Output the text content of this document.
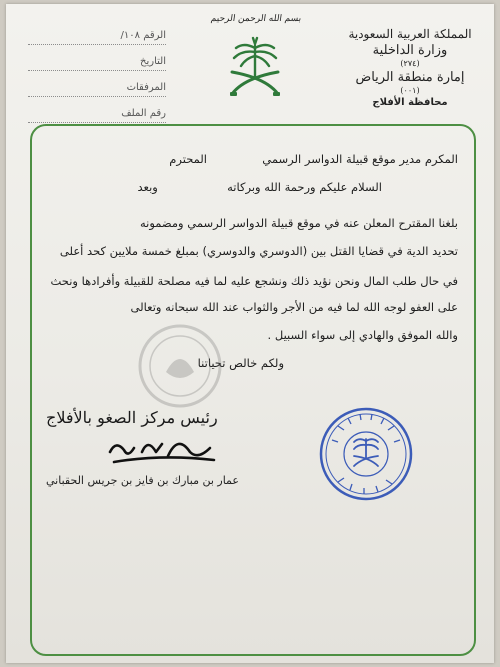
الرقم ١٠٨/
التاريخ
المرفقات
رقم الملف
بسم الله الرحمن الرحيم
المملكة العربية السعودية
وزارة الداخلية
(٢٧٤)
إمارة منطقة الرياض
(٠٠١)
محافظة الأفلاج
المكرم مدير موقع قبيلة الدواسر الرسمي  المحترم
السلام عليكم ورحمة الله وبركاته  وبعد
بلغنا المقترح المعلن عنه في موقع قبيلة الدواسر الرسمي ومضمونه
تحديد الدية في قضايا القتل بين (الدوسري والدوسري) بمبلغ خمسة ملايين كحد أعلى
في حال طلب المال ونحن نؤيد ذلك ونشجع عليه لما فيه مصلحة للقبيلة وأفرادها ونحث
على العفو لوجه الله لما فيه من الأجر والثواب عند الله سبحانه وتعالى
والله الموفق والهادي إلى سواء السبيل .
ولكم خالص تحياتنا
رئيس مركز الصغو بالأفلاج
عمار بن مبارك بن فايز بن جريس الحقباني
